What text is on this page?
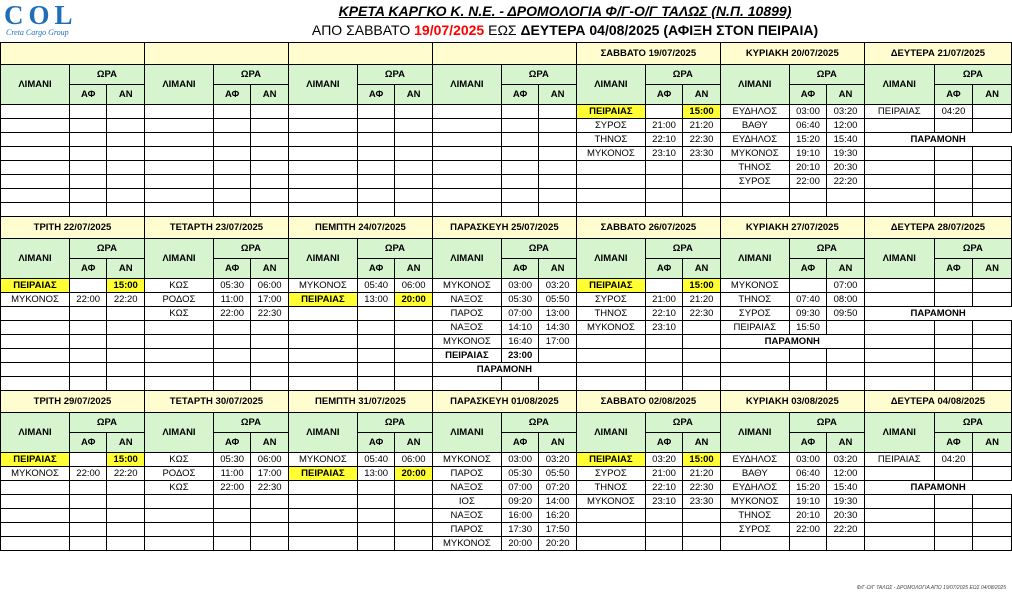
COL
Creta Cargo Group
ΚΡΕΤΑ ΚΑΡΓΚΟ Κ. Ν.Ε. - ΔΡΟΜΟΛΟΓΙΑ Φ/Γ-Ο/Γ ΤΑΛΩΣ (Ν.Π. 10899)
ΑΠΟ ΣΑΒΒΑΤΟ 19/07/2025 ΕΩΣ ΔΕΥΤΕΡΑ 04/08/2025 (ΑΦΙΞΗ ΣΤΟΝ ΠΕΙΡΑΙΑ)
												ΣΑΒΒΑΤΟ 19/07/2025			ΚΥΡΙΑΚΗ 20/07/2025			ΔΕΥΤΕΡΑ 21/07/2025		
ΛΙΜΑΝΙ	ΩΡΑ		ΛΙΜΑΝΙ	ΩΡΑ		ΛΙΜΑΝΙ	ΩΡΑ		ΛΙΜΑΝΙ	ΩΡΑ		ΛΙΜΑΝΙ	ΩΡΑ		ΛΙΜΑΝΙ	ΩΡΑ		ΛΙΜΑΝΙ	ΩΡΑ	
	ΑΦ	ΑΝ		ΑΦ	ΑΝ		ΑΦ	ΑΝ		ΑΦ	ΑΝ		ΑΦ	ΑΝ		ΑΦ	ΑΝ		ΑΦ	ΑΝ
												ΠΕΙΡΑΙΑΣ		15:00	ΕΥΔΗΛΟΣ	03:00	03:20	ΠΕΙΡΑΙΑΣ	04:20	
												ΣΥΡΟΣ	21:00	21:20	ΒΑΘΥ	06:40	12:00			
												ΤΗΝΟΣ	22:10	22:30	ΕΥΔΗΛΟΣ	15:20	15:40	ΠΑΡΑΜΟΝΗ		
												ΜΥΚΟΝΟΣ	23:10	23:30	ΜΥΚΟΝΟΣ	19:10	19:30			
															ΤΗΝΟΣ	20:10	20:30			
															ΣΥΡΟΣ	22:00	22:20			

ΤΡΙΤΗ 22/07/2025			ΤΕΤΑΡΤΗ 23/07/2025			ΠΕΜΠΤΗ 24/07/2025			ΠΑΡΑΣΚΕΥΗ 25/07/2025			ΣΑΒΒΑΤΟ 26/07/2025			ΚΥΡΙΑΚΗ 27/07/2025			ΔΕΥΤΕΡΑ 28/07/2025		
ΛΙΜΑΝΙ	ΩΡΑ		ΛΙΜΑΝΙ	ΩΡΑ		ΛΙΜΑΝΙ	ΩΡΑ		ΛΙΜΑΝΙ	ΩΡΑ		ΛΙΜΑΝΙ	ΩΡΑ		ΛΙΜΑΝΙ	ΩΡΑ		ΛΙΜΑΝΙ	ΩΡΑ	
	ΑΦ	ΑΝ		ΑΦ	ΑΝ		ΑΦ	ΑΝ		ΑΦ	ΑΝ		ΑΦ	ΑΝ		ΑΦ	ΑΝ		ΑΦ	ΑΝ
ΠΕΙΡΑΙΑΣ		15:00	ΚΩΣ	05:30	06:00	ΜΥΚΟΝΟΣ	05:40	06:00	ΜΥΚΟΝΟΣ	03:00	03:20	ΠΕΙΡΑΙΑΣ		15:00	ΜΥΚΟΝΟΣ		07:00			
ΜΥΚΟΝΟΣ	22:00	22:20	ΡΟΔΟΣ	11:00	17:00	ΠΕΙΡΑΙΑΣ	13:00	20:00	ΝΑΞΟΣ	05:30	05:50	ΣΥΡΟΣ	21:00	21:20	ΤΗΝΟΣ	07:40	08:00			
			ΚΩΣ	22:00	22:30				ΠΑΡΟΣ	07:00	13:00	ΤΗΝΟΣ	22:10	22:30	ΣΥΡΟΣ	09:30	09:50	ΠΑΡΑΜΟΝΗ		
									ΝΑΞΟΣ	14:10	14:30	ΜΥΚΟΝΟΣ	23:10		ΠΕΙΡΑΙΑΣ	15:50				
									ΜΥΚΟΝΟΣ	16:40	17:00				ΠΑΡΑΜΟΝΗ					
									ΠΕΙΡΑΙΑΣ	23:00										
									ΠΑΡΑΜΟΝΗ											

ΤΡΙΤΗ 29/07/2025			ΤΕΤΑΡΤΗ 30/07/2025			ΠΕΜΠΤΗ 31/07/2025			ΠΑΡΑΣΚΕΥΗ 01/08/2025			ΣΑΒΒΑΤΟ 02/08/2025			ΚΥΡΙΑΚΗ 03/08/2025			ΔΕΥΤΕΡΑ 04/08/2025		
ΛΙΜΑΝΙ	ΩΡΑ		ΛΙΜΑΝΙ	ΩΡΑ		ΛΙΜΑΝΙ	ΩΡΑ		ΛΙΜΑΝΙ	ΩΡΑ		ΛΙΜΑΝΙ	ΩΡΑ		ΛΙΜΑΝΙ	ΩΡΑ		ΛΙΜΑΝΙ	ΩΡΑ	
	ΑΦ	ΑΝ		ΑΦ	ΑΝ		ΑΦ	ΑΝ		ΑΦ	ΑΝ		ΑΦ	ΑΝ		ΑΦ	ΑΝ		ΑΦ	ΑΝ
ΠΕΙΡΑΙΑΣ		15:00	ΚΩΣ	05:30	06:00	ΜΥΚΟΝΟΣ	05:40	06:00	ΜΥΚΟΝΟΣ	03:00	03:20	ΠΕΙΡΑΙΑΣ	03:20	15:00	ΕΥΔΗΛΟΣ	03:00	03:20	ΠΕΙΡΑΙΑΣ	04:20	
ΜΥΚΟΝΟΣ	22:00	22:20	ΡΟΔΟΣ	11:00	17:00	ΠΕΙΡΑΙΑΣ	13:00	20:00	ΠΑΡΟΣ	05:30	05:50	ΣΥΡΟΣ	21:00	21:20	ΒΑΘΥ	06:40	12:00			
			ΚΩΣ	22:00	22:30				ΝΑΞΟΣ	07:00	07:20	ΤΗΝΟΣ	22:10	22:30	ΕΥΔΗΛΟΣ	15:20	15:40	ΠΑΡΑΜΟΝΗ		
									ΙΟΣ	09:20	14:00	ΜΥΚΟΝΟΣ	23:10	23:30	ΜΥΚΟΝΟΣ	19:10	19:30			
									ΝΑΞΟΣ	16:00	16:20				ΤΗΝΟΣ	20:10	20:30			
									ΠΑΡΟΣ	17:30	17:50				ΣΥΡΟΣ	22:00	22:20			
									ΜΥΚΟΝΟΣ	20:00	20:20									
Φ/Γ-Ο/Γ ΤΑΛΩΣ - ΔΡΟΜΟΛΟΓΙΑ ΑΠΟ 19/07/2025 ΕΩΣ 04/08/2025
